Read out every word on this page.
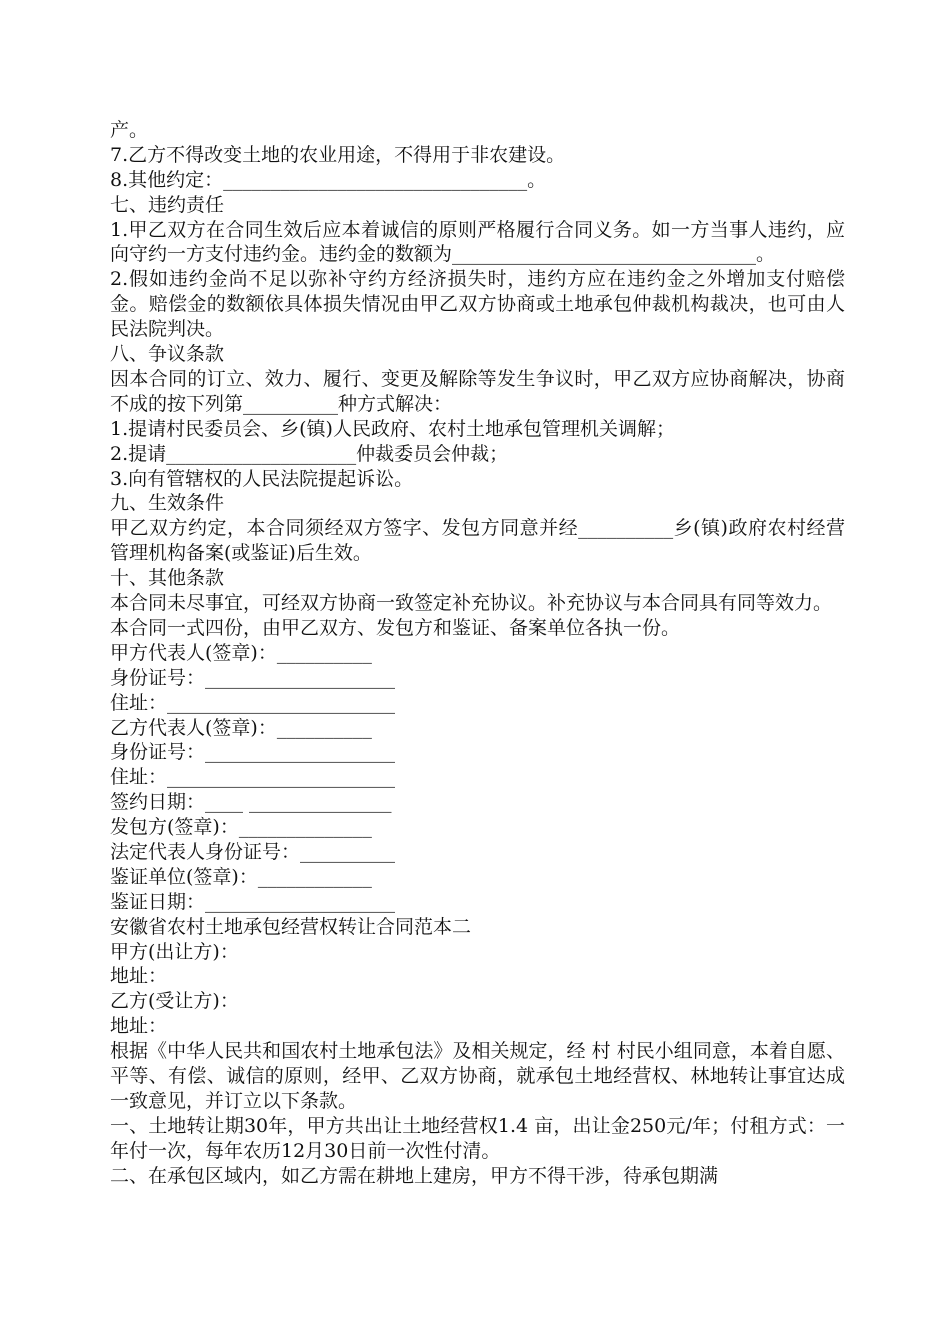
产。
7.乙方不得改变土地的农业用途，不得用于非农建设。
8.其他约定：________________________________。
七、违约责任
1.甲乙双方在合同生效后应本着诚信的原则严格履行合同义务。如一方当事人违约，应向守约一方支付违约金。违约金的数额为________________________________。
2.假如违约金尚不足以弥补守约方经济损失时，违约方应在违约金之外增加支付赔偿金。赔偿金的数额依具体损失情况由甲乙双方协商或土地承包仲裁机构裁决，也可由人民法院判决。
八、争议条款
因本合同的订立、效力、履行、变更及解除等发生争议时，甲乙双方应协商解决，协商不成的按下列第__________种方式解决：
1.提请村民委员会、乡(镇)人民政府、农村土地承包管理机关调解；
2.提请____________________仲裁委员会仲裁；
3.向有管辖权的人民法院提起诉讼。
九、生效条件
甲乙双方约定，本合同须经双方签字、发包方同意并经__________乡(镇)政府农村经营管理机构备案(或鉴证)后生效。
十、其他条款
本合同未尽事宜，可经双方协商一致签定补充协议。补充协议与本合同具有同等效力。
本合同一式四份，由甲乙双方、发包方和鉴证、备案单位各执一份。
甲方代表人(签章)：__________
身份证号：____________________
住址：________________________
乙方代表人(签章)：__________
身份证号：____________________
住址：________________________
签约日期：____ _______________
发包方(签章)：______________
法定代表人身份证号：__________
鉴证单位(签章)：____________
鉴证日期：____________________
安徽省农村土地承包经营权转让合同范本二
甲方(出让方)：
地址：
乙方(受让方)：
地址：
根据《中华人民共和国农村土地承包法》及相关规定，经 村 村民小组同意，本着自愿、平等、有偿、诚信的原则，经甲、乙双方协商，就承包土地经营权、林地转让事宜达成一致意见，并订立以下条款。
一、土地转让期30年，甲方共出让土地经营权1.4 亩，出让金250元/年；付租方式：一年付一次，每年农历12月30日前一次性付清。
二、在承包区域内，如乙方需在耕地上建房，甲方不得干涉，待承包期满
